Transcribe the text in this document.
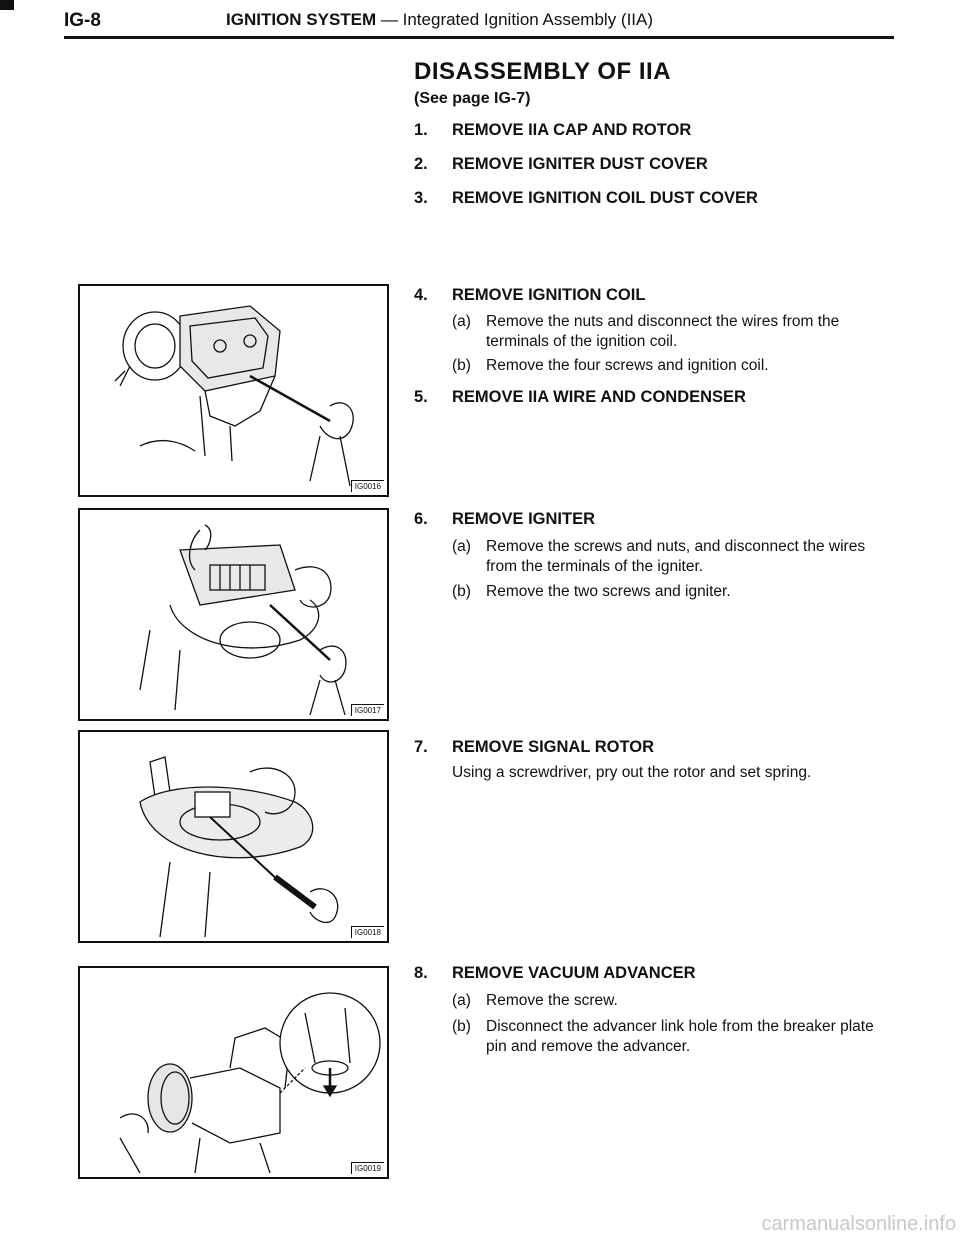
IG-8	IGNITION SYSTEM — Integrated Ignition Assembly (IIA)
DISASSEMBLY OF IIA
(See page IG-7)
1. REMOVE IIA CAP AND ROTOR
2. REMOVE IGNITER DUST COVER
3. REMOVE IGNITION COIL DUST COVER
4. REMOVE IGNITION COIL
(a) Remove the nuts and disconnect the wires from the terminals of the ignition coil.
(b) Remove the four screws and ignition coil.
5. REMOVE IIA WIRE AND CONDENSER
6. REMOVE IGNITER
(a) Remove the screws and nuts, and disconnect the wires from the terminals of the igniter.
(b) Remove the two screws and igniter.
7. REMOVE SIGNAL ROTOR
Using a screwdriver, pry out the rotor and set spring.
8. REMOVE VACUUM ADVANCER
(a) Remove the screw.
(b) Disconnect the advancer link hole from the breaker plate pin and remove the advancer.
IG0016
IG0017
IG0018
IG0019
carmanualsonline.info
